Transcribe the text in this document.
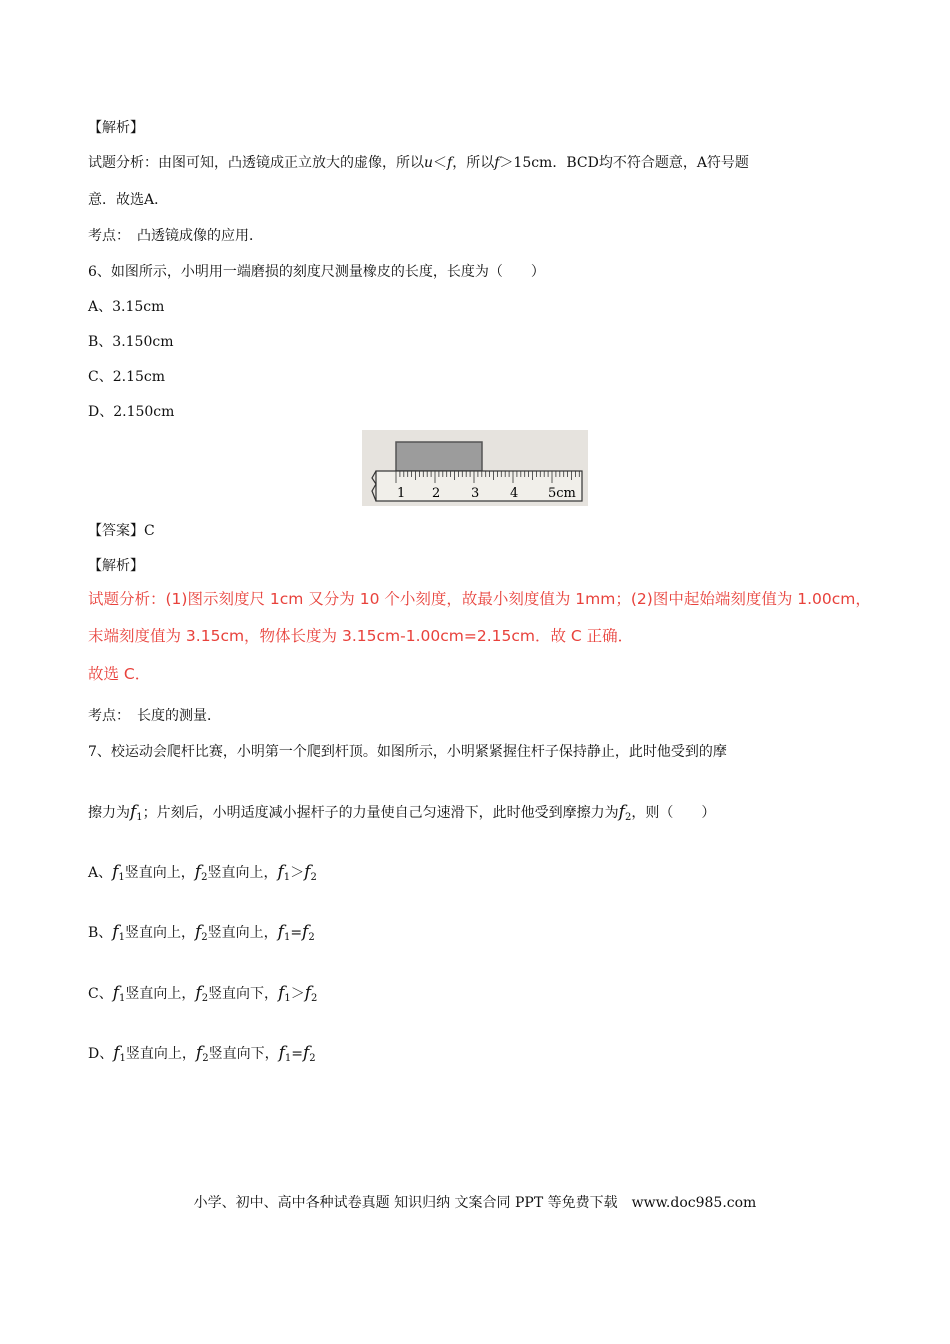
【解析】
试题分析：由图可知，凸透镜成正立放大的虚像，所以u＜f，所以f＞15cm．BCD均不符合题意，A符号题
意．故选A．
考点：　凸透镜成像的应用．
6、如图所示，小明用一端磨损的刻度尺测量橡皮的长度，长度为（　　）
A、3.15cm
B、3.150cm
C、2.15cm
D、2.150cm
1 2 3 4 5cm
【答案】C
【解析】
试题分析：(1)图示刻度尺 1cm 又分为 10 个小刻度，故最小刻度值为 1mm；(2)图中起始端刻度值为 1.00cm，
末端刻度值为 3.15cm，物体长度为 3.15cm-1.00cm=2.15cm．故 C 正确．
故选 C．
考点：　长度的测量．
7、校运动会爬杆比赛，小明第一个爬到杆顶。如图所示，小明紧紧握住杆子保持静止，此时他受到的摩
擦力为$f_1$；片刻后，小明适度减小握杆子的力量使自己匀速滑下，此时他受到摩擦力为$f_2$，则（　　）
A、$f_1$竖直向上，$f_2$竖直向上，$f_1>f_2$
B、$f_1$竖直向上，$f_2$竖直向上，$f_1=f_2$
C、$f_1$竖直向上，$f_2$竖直向下，$f_1>f_2$
D、$f_1$竖直向上，$f_2$竖直向下，$f_1=f_2$
小学、初中、高中各种试卷真题 知识归纳 文案合同 PPT 等免费下载　www.doc985.com
